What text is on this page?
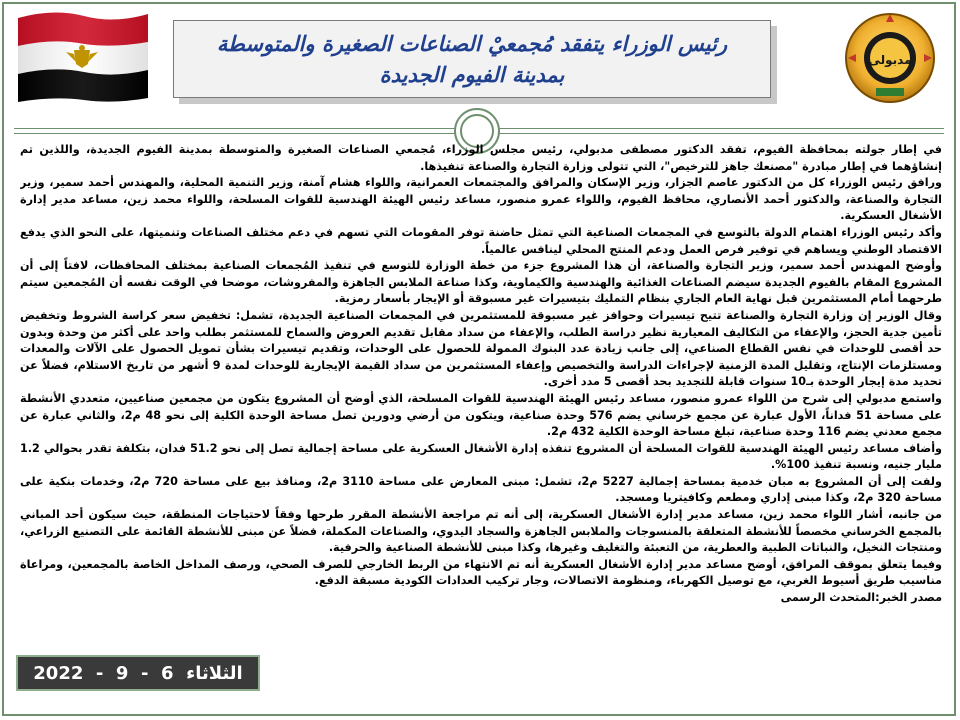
مدبولى
رئيس الوزراء يتفقد مُجمعيْ الصناعات الصغيرة والمتوسطة بمدينة الفيوم الجديدة

في إطار جولته بمحافظة الفيوم، تفقد الدكتور مصطفى مدبولي، رئيس مجلس الوزراء، مُجمعي الصناعات الصغيرة والمتوسطة بمدينة الفيوم الجديدة، واللذين تم إنشاؤهما في إطار مبادرة "مصنعك جاهز للترخيص"، التي تتولى وزارة التجارة والصناعة تنفيذها.

ورافق رئيس الوزراء كل من الدكتور عاصم الجزار، وزير الإسكان والمرافق والمجتمعات العمرانية، واللواء هشام آمنة، وزير التنمية المحلية، والمهندس أحمد سمير، وزير التجارة والصناعة، والدكتور أحمد الأنصاري، محافظ الفيوم، واللواء عمرو منصور، مساعد رئيس الهيئة الهندسية للقوات المسلحة، واللواء محمد زين، مساعد مدير إدارة الأشغال العسكرية.

وأكد رئيس الوزراء اهتمام الدولة بالتوسع في المجمعات الصناعية التي تمثل حاضنة توفر المقومات التي تسهم في دعم مختلف الصناعات وتنميتها، على النحو الذي يدفع الاقتصاد الوطني ويساهم في توفير فرص العمل ودعم المنتج المحلي لينافس عالمياً.

وأوضح المهندس أحمد سمير، وزير التجارة والصناعة، أن هذا المشروع جزء من خطة الوزارة للتوسع في تنفيذ المُجمعات الصناعية بمختلف المحافظات، لافتاً إلى أن المشروع المقام بالفيوم الجديدة سيضم الصناعات الغذائية والهندسية والكيماوية، وكذا صناعة الملابس الجاهزة والمفروشات، موضحا في الوقت نفسه أن المُجمعين سيتم طرحهما أمام المستثمرين قبل نهاية العام الجاري بنظام التمليك بتيسيرات غير مسبوقة أو الإيجار بأسعار رمزية.

وقال الوزير إن وزارة التجارة والصناعة تتيح تيسيرات وحوافز غير مسبوقة للمستثمرين في المجمعات الصناعية الجديدة، تشمل: تخفيض سعر كراسة الشروط وتخفيض تأمين جدية الحجز، والإعفاء من التكاليف المعيارية نظير دراسة الطلب، والإعفاء من سداد مقابل تقديم العروض والسماح للمستثمر بطلب واحد على أكثر من وحدة وبدون حد أقصى للوحدات في نفس القطاع الصناعي، إلى جانب زيادة عدد البنوك الممولة للحصول على الوحدات، وتقديم تيسيرات بشأن تمويل الحصول على الآلات والمعدات ومستلزمات الإنتاج، وتقليل المدة الزمنية لإجراءات الدراسة والتخصيص وإعفاء المستثمرين من سداد القيمة الإيجارية للوحدات لمدة 9 أشهر من تاريخ الاستلام، فضلاً عن تحديد مدة إيجار الوحدة بـ10 سنوات قابلة للتجديد بحد أقصى 5 مدد أخرى.

واستمع مدبولي إلى شرح من اللواء عمرو منصور، مساعد رئيس الهيئة الهندسية للقوات المسلحة، الذي أوضح أن المشروع يتكون من مجمعين صناعيين، متعددي الأنشطة على مساحة 51 فداناً، الأول عبارة عن مجمع خرساني يضم 576 وحدة صناعية، ويتكون من أرضي ودورين تصل مساحة الوحدة الكلية إلى نحو 48 م2، والثاني عبارة عن مجمع معدني يضم 116 وحدة صناعية، تبلغ مساحة الوحدة الكلية 432 م2.

وأضاف مساعد رئيس الهيئة الهندسية للقوات المسلحة أن المشروع تنفذه إدارة الأشغال العسكرية على مساحة إجمالية تصل إلى نحو 51.2 فدان، بتكلفة تقدر بحوالي 1.2 مليار جنيه، ونسبة تنفيذ 100%.

ولفت إلى أن المشروع به مبان خدمية بمساحة إجمالية 5227 م2، تشمل: مبنى المعارض على مساحة 3110 م2، ومنافذ بيع على مساحة 720 م2، وخدمات بنكية على مساحة 320 م2، وكذا مبنى إداري ومطعم وكافيتريا ومسجد.

من جانبه، أشار اللواء محمد زين، مساعد مدير إدارة الأشغال العسكرية، إلى أنه تم مراجعة الأنشطة المقرر طرحها وفقاً لاحتياجات المنطقة، حيث سيكون أحد المباني بالمجمع الخرساني مخصصاً للأنشطة المتعلقة بالمنسوجات والملابس الجاهزة والسجاد اليدوي، والصناعات المكملة، فضلاً عن مبنى للأنشطة القائمة على التصنيع الزراعي، ومنتجات النخيل، والنباتات الطبية والعطرية، من التعبئة والتغليف وغيرها، وكذا مبنى للأنشطة الصناعية والحرفية.

وفيما يتعلق بموقف المرافق، أوضح مساعد مدير إدارة الأشغال العسكرية أنه تم الانتهاء من الربط الخارجي للصرف الصحي، ورصف المداخل الخاصة بالمجمعين، ومراعاة مناسيب طريق أسيوط الغربي، مع توصيل الكهرباء، ومنظومة الاتصالات، وجار تركيب العدادات الكودية مسبقة الدفع.

مصدر الخبر:المتحدث الرسمى

الثلاثاء  6  -  9  -  2022
